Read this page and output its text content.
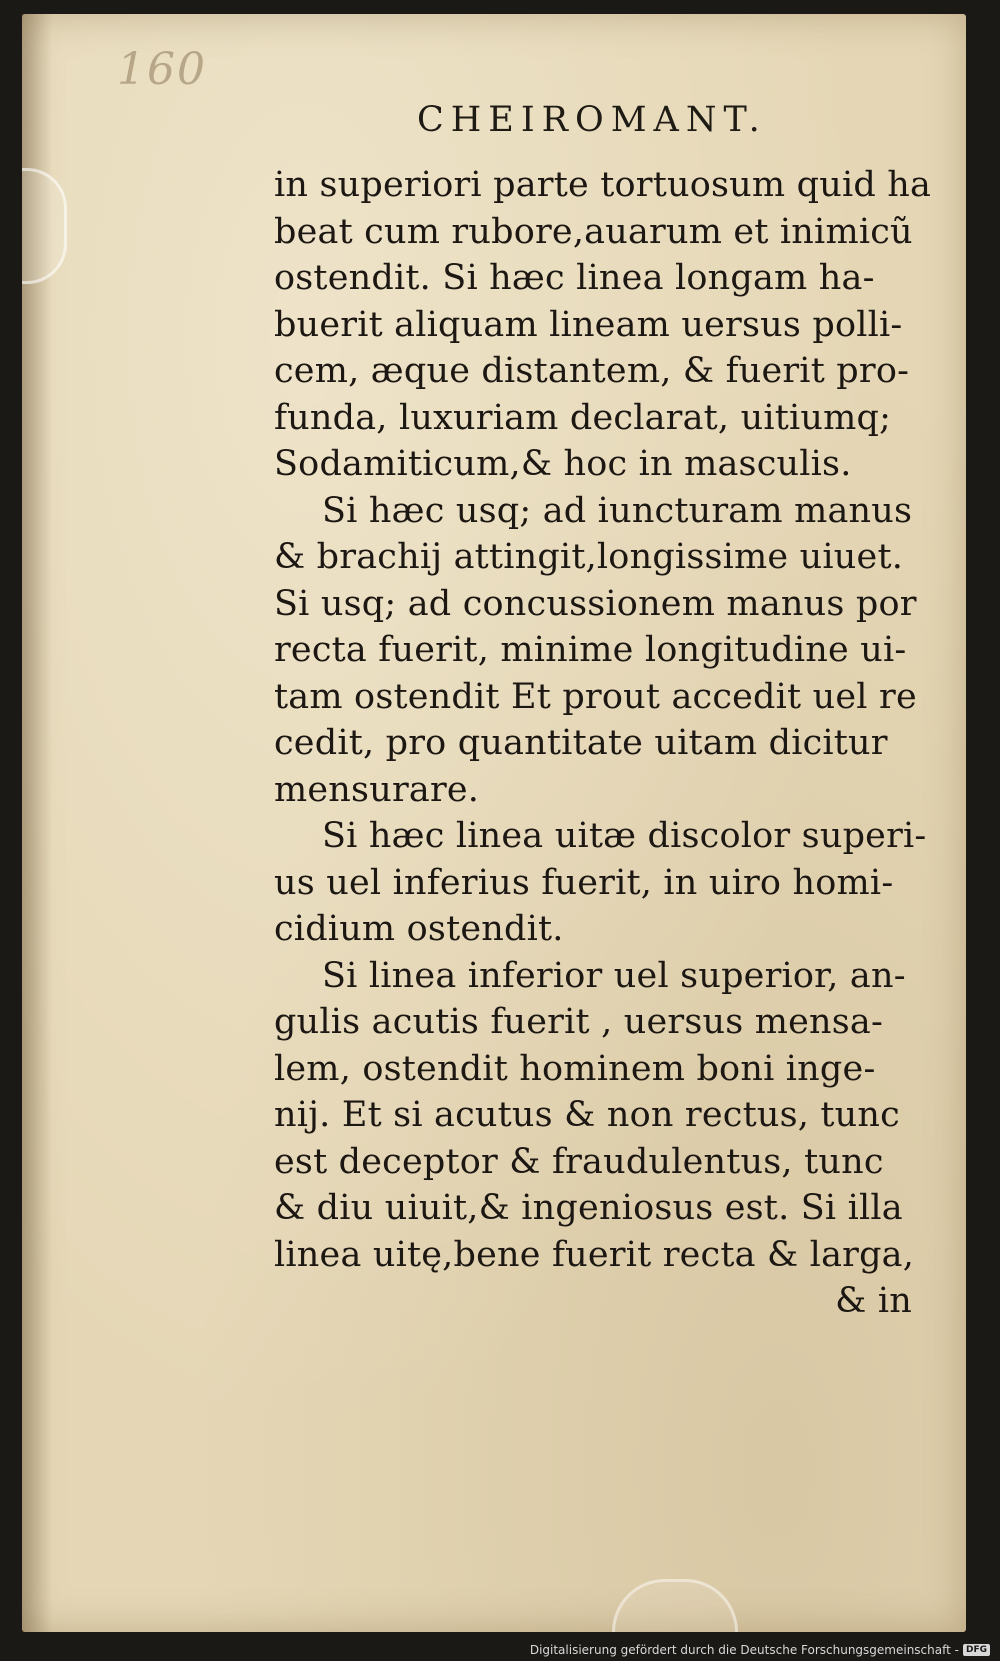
160

CHEIROMANT.
in superiori parte tortuosum quid ha
beat cum rubore,auarum et inimicũ
ostendit. Si hæc linea longam ha-
buerit aliquam lineam uersus polli-
cem, æque distantem, & fuerit pro-
funda, luxuriam declarat, uitiumq;
Sodamiticum,& hoc in masculis.
Si hæc usq; ad iuncturam manus
& brachij attingit,longissime uiuet.
Si usq; ad concussionem manus por
recta fuerit, minime longitudine ui-
tam ostendit Et prout accedit uel re
cedit, pro quantitate uitam dicitur
mensurare.
Si hæc linea uitæ discolor superi-
us uel inferius fuerit, in uiro homi-
cidium ostendit.
Si linea inferior uel superior, an-
gulis acutis fuerit , uersus mensa-
lem, ostendit hominem boni inge-
nij. Et si acutus & non rectus, tunc
est deceptor & fraudulentus, tunc
& diu uiuit,& ingeniosus est. Si illa
linea uitę,bene fuerit recta & larga,
& in
Digitalisierung gefördert durch die Deutsche Forschungsgemeinschaft - DFG
